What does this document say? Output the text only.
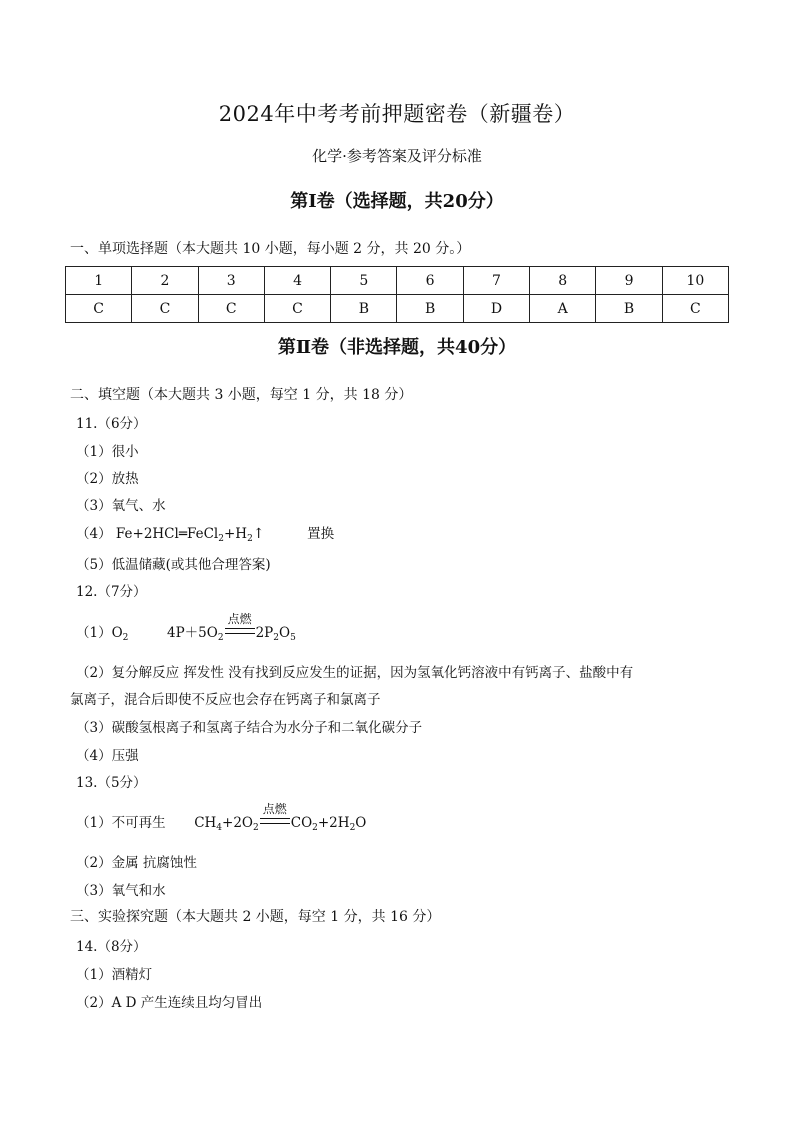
2024年中考考前押题密卷（新疆卷）
化学·参考答案及评分标准
第Ⅰ卷（选择题，共20分）
一、单项选择题（本大题共 10 小题，每小题 2 分，共 20 分。）
1	2	3	4	5	6	7	8	9	10
C	C	C	C	B	B	D	A	B	C
第Ⅱ卷（非选择题，共40分）
二、填空题（本大题共 3 小题，每空 1 分，共 18 分）
11.（6分）
（1）很小
（2）放热
（3）氧气、水
（4） $Fe+2HCl═FeCl_2+H_2↑$	置换
（5）低温储藏(或其他合理答案)
12.（7分）
$(1)O_2$	$4P+5O_2$
点燃
$2P_2O_5$
（2）复分解反应 挥发性 没有找到反应发生的证据，因为氢氧化钙溶液中有钙离子、盐酸中有
氯离子，混合后即使不反应也会存在钙离子和氯离子
（3）碳酸氢根离子和氢离子结合为水分子和二氧化碳分子
（4）压强
13.（5分）
（1）不可再生 $CH_4+2O_2$
点燃
$CO_2+2H_2O$
（2）金属 抗腐蚀性
（3）氧气和水
三、实验探究题（本大题共 2 小题，每空 1 分，共 16 分）
14.（8分）
（1）酒精灯
（2）A D 产生连续且均匀冒出
